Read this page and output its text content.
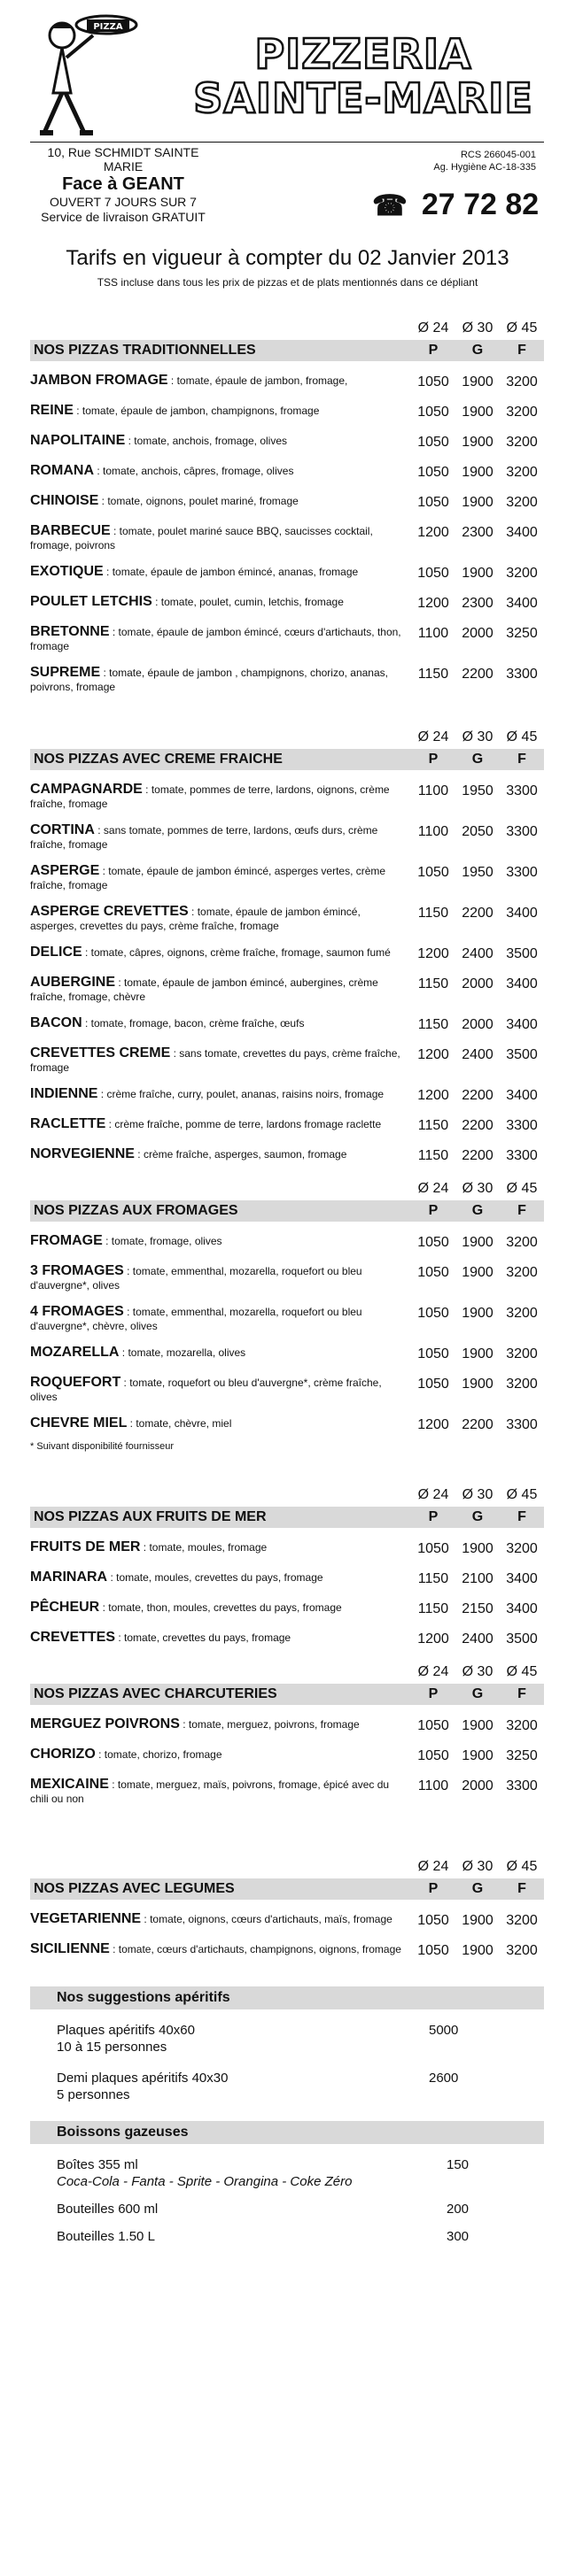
PIZZA
PIZZERIA
SAINTE-MARIE
10, Rue SCHMIDT SAINTE MARIE
Face à GEANT
OUVERT 7 JOURS SUR 7
Service de livraison GRATUIT
RCS 266045-001
Ag. Hygiène AC-18-335
☎ 27 72 82
Tarifs en vigueur à compter du 02 Janvier 2013
TSS incluse dans tous les prix de pizzas et de plats mentionnés dans ce dépliant
Ø 24 Ø 30 Ø 45
NOS PIZZAS TRADITIONNELLES	P	G	F
JAMBON FROMAGE : tomate, épaule de jambon, fromage,	1050 1900 3200
REINE : tomate, épaule de jambon, champignons, fromage	1050 1900 3200
NAPOLITAINE : tomate, anchois, fromage, olives	1050 1900 3200
ROMANA : tomate, anchois, câpres, fromage, olives	1050 1900 3200
CHINOISE : tomate, oignons, poulet mariné, fromage	1050 1900 3200
BARBECUE : tomate, poulet mariné sauce BBQ, saucisses cocktail, fromage, poivrons
1200 2300 3400
EXOTIQUE : tomate, épaule de jambon émincé, ananas, fromage	1050 1900 3200
POULET LETCHIS : tomate, poulet, cumin, letchis, fromage	1200 2300 3400
BRETONNE : tomate, épaule de jambon émincé, cœurs d'artichauts, thon, fromage
1100 2000 3250
SUPREME : tomate, épaule de jambon , champignons, chorizo, ananas, poivrons, fromage
1150 2200 3300
Ø 24 Ø 30 Ø 45
NOS PIZZAS AVEC CREME FRAICHE	P	G	F
CAMPAGNARDE : tomate, pommes de terre, lardons, oignons, crème fraîche, fromage
1100 1950 3300
CORTINA : sans tomate, pommes de terre, lardons, œufs durs, crème fraîche, fromage
1100 2050 3300
ASPERGE : tomate, épaule de jambon émincé, asperges vertes, crème fraîche, fromage
1050 1950 3300
ASPERGE CREVETTES : tomate, épaule de jambon émincé, asperges, crevettes du pays, crème fraîche, fromage
1150 2200 3400
DELICE : tomate, câpres, oignons, crème fraîche, fromage, saumon fumé	1200 2400 3500
AUBERGINE : tomate, épaule de jambon émincé, aubergines, crème fraîche, fromage, chèvre
1150 2000 3400
BACON : tomate, fromage, bacon, crème fraîche, œufs	1150 2000 3400
CREVETTES CREME : sans tomate, crevettes du pays, crème fraîche, fromage
1200 2400 3500
INDIENNE : crème fraîche, curry, poulet, ananas, raisins noirs, fromage	1200 2200 3400
RACLETTE : crème fraîche, pomme de terre, lardons fromage raclette	1150 2200 3300
NORVEGIENNE : crème fraîche, asperges, saumon, fromage	1150 2200 3300
Ø 24 Ø 30 Ø 45
NOS PIZZAS AUX FROMAGES	P	G	F
FROMAGE : tomate, fromage, olives	1050 1900 3200
3 FROMAGES : tomate, emmenthal, mozarella, roquefort ou bleu d'auvergne*, olives
1050 1900 3200
4 FROMAGES : tomate, emmenthal, mozarella, roquefort ou bleu d'auvergne*, chèvre, olives
1050 1900 3200
MOZARELLA : tomate, mozarella, olives	1050 1900 3200
ROQUEFORT : tomate, roquefort ou bleu d'auvergne*, crème fraîche, olives
1050 1900 3200
CHEVRE MIEL : tomate, chèvre, miel	1200 2200 3300
* Suivant disponibilité fournisseur
Ø 24 Ø 30 Ø 45
NOS PIZZAS AUX FRUITS DE MER	P	G	F
FRUITS DE MER : tomate, moules, fromage	1050 1900 3200
MARINARA : tomate, moules, crevettes du pays, fromage	1150 2100 3400
PÊCHEUR : tomate, thon, moules, crevettes du pays, fromage	1150 2150 3400
CREVETTES : tomate, crevettes du pays, fromage	1200 2400 3500
Ø 24 Ø 30 Ø 45
NOS PIZZAS AVEC CHARCUTERIES	P	G	F
MERGUEZ POIVRONS : tomate, merguez, poivrons, fromage	1050 1900 3200
CHORIZO : tomate, chorizo, fromage	1050 1900 3250
MEXICAINE : tomate, merguez, maïs, poivrons, fromage, épicé avec du chili ou non
1100 2000 3300
Ø 24 Ø 30 Ø 45
NOS PIZZAS AVEC LEGUMES	P	G	F
VEGETARIENNE : tomate, oignons, cœurs d'artichauts, maïs, fromage	1050 1900 3200
SICILIENNE : tomate, cœurs d'artichauts, champignons, oignons, fromage	1050 1900 3200
Nos suggestions apéritifs
Plaques apéritifs 40x60
10 à 15 personnes
5000
Demi plaques apéritifs 40x30
5 personnes
2600
Boissons gazeuses
Boîtes 355 ml
Coca-Cola - Fanta - Sprite - Orangina - Coke Zéro
150
Bouteilles 600 ml	200
Bouteilles 1.50 L	300
